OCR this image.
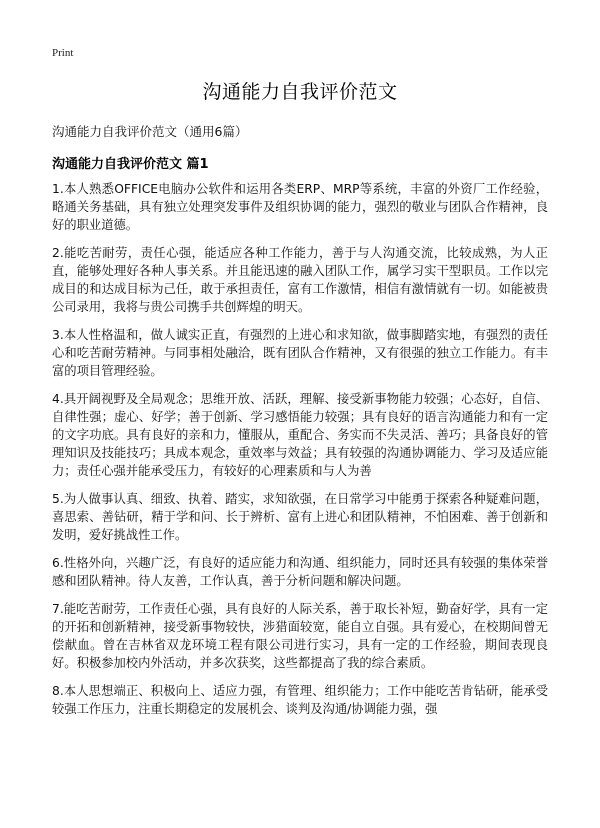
Print
沟通能力自我评价范文

沟通能力自我评价范文（通用6篇）

沟通能力自我评价范文 篇1

1.本人熟悉OFFICE电脑办公软件和运用各类ERP、MRP等系统，丰富的外资厂工作经验，略通关务基础，具有独立处理突发事件及组织协调的能力，强烈的敬业与团队合作精神，良好的职业道德。

2.能吃苦耐劳，责任心强，能适应各种工作能力，善于与人沟通交流，比较成熟，为人正直，能够处理好各种人事关系。并且能迅速的融入团队工作，属学习实干型职员。工作以完成目的和达成目标为己任，敢于承担责任，富有工作激情，相信有激情就有一切。如能被贵公司录用，我将与贵公司携手共创辉煌的明天。

3.本人性格温和，做人诚实正直，有强烈的上进心和求知欲，做事脚踏实地，有强烈的责任心和吃苦耐劳精神。与同事相处融洽，既有团队合作精神，又有很强的独立工作能力。有丰富的项目管理经验。

4.具开阔视野及全局观念；思维开放、活跃，理解、接受新事物能力较强；心态好，自信、自律性强；虚心、好学；善于创新、学习感悟能力较强；具有良好的语言沟通能力和有一定的文字功底。具有良好的亲和力，懂服从，重配合、务实而不失灵活、善巧；具备良好的管理知识及技能技巧；具成本观念，重效率与效益；具有较强的沟通协调能力、学习及适应能力；责任心强并能承受压力，有较好的心理素质和与人为善

5.为人做事认真、细致、执着、踏实，求知欲强，在日常学习中能勇于探索各种疑难问题，喜思索、善钻研，精于学和问、长于辨析、富有上进心和团队精神，不怕困难、善于创新和发明，爱好挑战性工作。

6.性格外向，兴趣广泛，有良好的适应能力和沟通、组织能力，同时还具有较强的集体荣誉感和团队精神。待人友善，工作认真，善于分析问题和解决问题。

7.能吃苦耐劳，工作责任心强，具有良好的人际关系，善于取长补短，勤奋好学，具有一定的开拓和创新精神，接受新事物较快，涉猎面较宽，能自立自强。具有爱心，在校期间曾无偿献血。曾在吉林省双龙环境工程有限公司进行实习，具有一定的工作经验，期间表现良好。积极参加校内外活动，并多次获奖，这些都提高了我的综合素质。

8.本人思想端正、积极向上、适应力强，有管理、组织能力；工作中能吃苦肯钻研，能承受较强工作压力，注重长期稳定的发展机会、谈判及沟通/协调能力强，强
